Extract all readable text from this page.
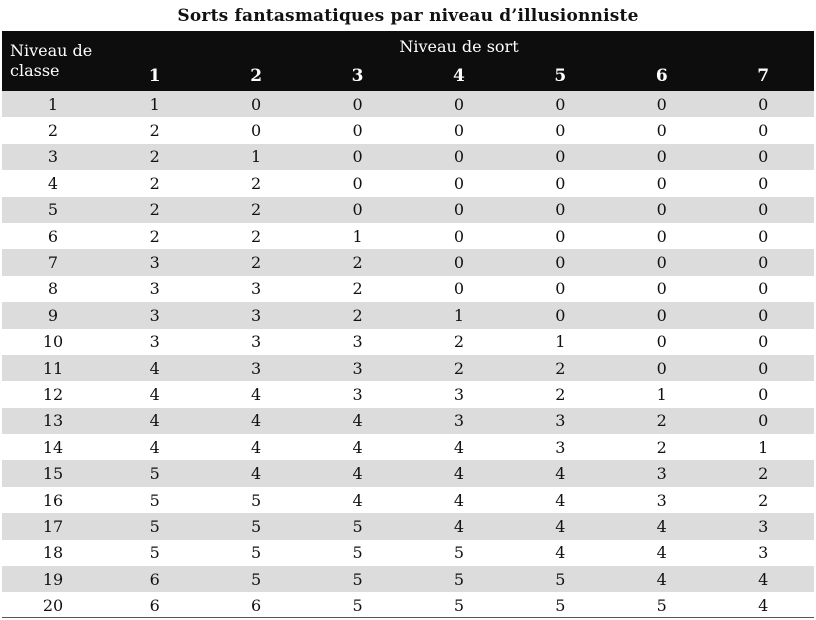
Sorts fantasmatiques par niveau d’illusionniste
Niveau de
classe	Niveau de sort						
	1	2	3	4	5	6	7
1	1	0	0	0	0	0	0
2	2	0	0	0	0	0	0
3	2	1	0	0	0	0	0
4	2	2	0	0	0	0	0
5	2	2	0	0	0	0	0
6	2	2	1	0	0	0	0
7	3	2	2	0	0	0	0
8	3	3	2	0	0	0	0
9	3	3	2	1	0	0	0
10	3	3	3	2	1	0	0
11	4	3	3	2	2	0	0
12	4	4	3	3	2	1	0
13	4	4	4	3	3	2	0
14	4	4	4	4	3	2	1
15	5	4	4	4	4	3	2
16	5	5	4	4	4	3	2
17	5	5	5	4	4	4	3
18	5	5	5	5	4	4	3
19	6	5	5	5	5	4	4
20	6	6	5	5	5	5	4
